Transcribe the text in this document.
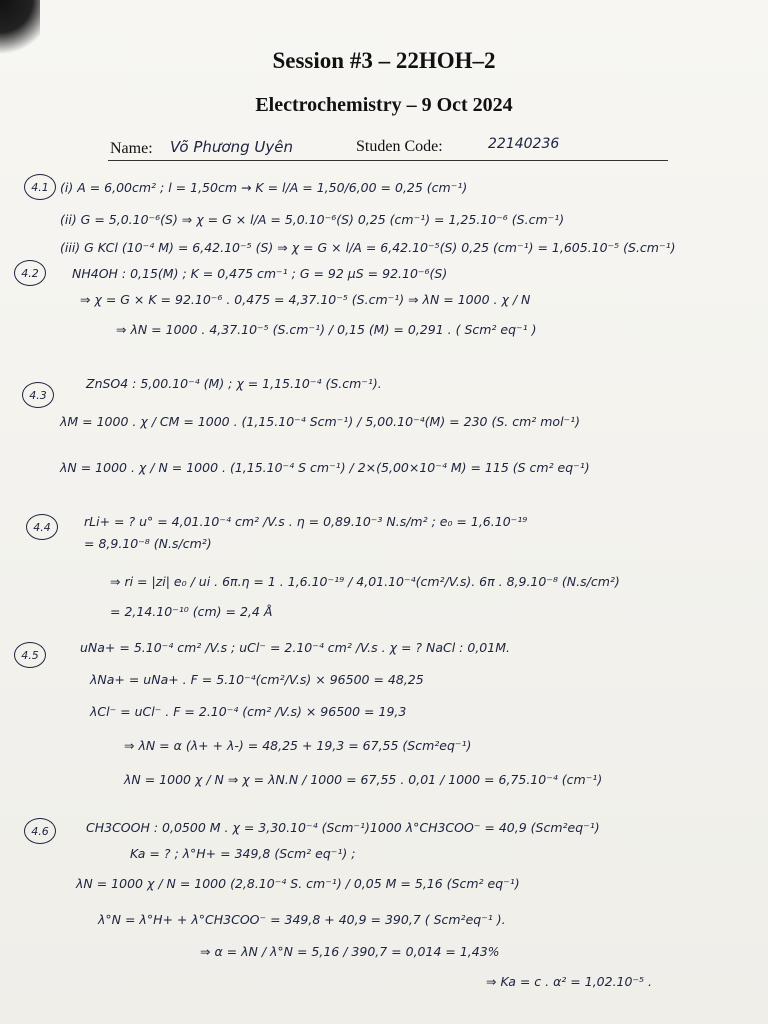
Session #3 – 22HOH–2
Electrochemistry – 9 Oct 2024
Name: Võ Phương Uyên	Studen Code:	22140236
4.1 (i) A = 6,00cm² ; l = 1,50cm → K = l/A = 1,50/6,00 = 0,25 (cm⁻¹)
(ii) G = 5,0.10⁻⁶(S) ⇒ χ = G × l/A = 5,0.10⁻⁶(S) 0,25 (cm⁻¹) = 1,25.10⁻⁶ (S.cm⁻¹)
(iii) G KCl (10⁻⁴ M) = 6,42.10⁻⁵ (S) ⇒ χ = G × l/A = 6,42.10⁻⁵(S) 0,25 (cm⁻¹) = 1,605.10⁻⁵ (S.cm⁻¹)
4.2	NH4OH : 0,15(M) ; K = 0,475 cm⁻¹ ; G = 92 µS = 92.10⁻⁶(S)
⇒ χ = G × K = 92.10⁻⁶ . 0,475 = 4,37.10⁻⁵ (S.cm⁻¹) ⇒ λN = 1000 . χ / N
⇒ λN = 1000 . 4,37.10⁻⁵ (S.cm⁻¹) / 0,15 (M) = 0,291 . ( Scm² eq⁻¹ )
4.3
ZnSO4 : 5,00.10⁻⁴ (M) ; χ = 1,15.10⁻⁴ (S.cm⁻¹).
λM = 1000 . χ / CM = 1000 . (1,15.10⁻⁴ Scm⁻¹) / 5,00.10⁻⁴(M) = 230 (S. cm² mol⁻¹)
λN = 1000 . χ / N = 1000 . (1,15.10⁻⁴ S cm⁻¹) / 2×(5,00×10⁻⁴ M) = 115 (S cm² eq⁻¹)
4.4	rLi+ = ? u° = 4,01.10⁻⁴ cm² /V.s . η = 0,89.10⁻³ N.s/m² ; e₀ = 1,6.10⁻¹⁹
= 8,9.10⁻⁸ (N.s/cm²)
⇒ ri = |zi| e₀ / ui . 6π.η = 1 . 1,6.10⁻¹⁹ / 4,01.10⁻⁴(cm²/V.s). 6π . 8,9.10⁻⁸ (N.s/cm²)
= 2,14.10⁻¹⁰ (cm) = 2,4 Å
4.5	uNa+ = 5.10⁻⁴ cm² /V.s ; uCl⁻ = 2.10⁻⁴ cm² /V.s . χ = ? NaCl : 0,01M.
λNa+ = uNa+ . F = 5.10⁻⁴(cm²/V.s) × 96500 = 48,25
λCl⁻ = uCl⁻ . F = 2.10⁻⁴ (cm² /V.s) × 96500 = 19,3
⇒ λN = α (λ+ + λ-) = 48,25 + 19,3 = 67,55 (Scm²eq⁻¹)
λN = 1000 χ / N ⇒ χ = λN.N / 1000 = 67,55 . 0,01 / 1000 = 6,75.10⁻⁴ (cm⁻¹)
4.6	CH3COOH : 0,0500 M . χ = 3,30.10⁻⁴ (Scm⁻¹)1000 λ°CH3COO⁻ = 40,9 (Scm²eq⁻¹)
Ka = ? ; λ°H+ = 349,8 (Scm² eq⁻¹) ;
λN = 1000 χ / N = 1000 (2,8.10⁻⁴ S. cm⁻¹) / 0,05 M = 5,16 (Scm² eq⁻¹)
λ°N = λ°H+ + λ°CH3COO⁻ = 349,8 + 40,9 = 390,7 ( Scm²eq⁻¹ ).
⇒ α = λN / λ°N = 5,16 / 390,7 = 0,014 = 1,43%
⇒ Ka = c . α² = 1,02.10⁻⁵ .
